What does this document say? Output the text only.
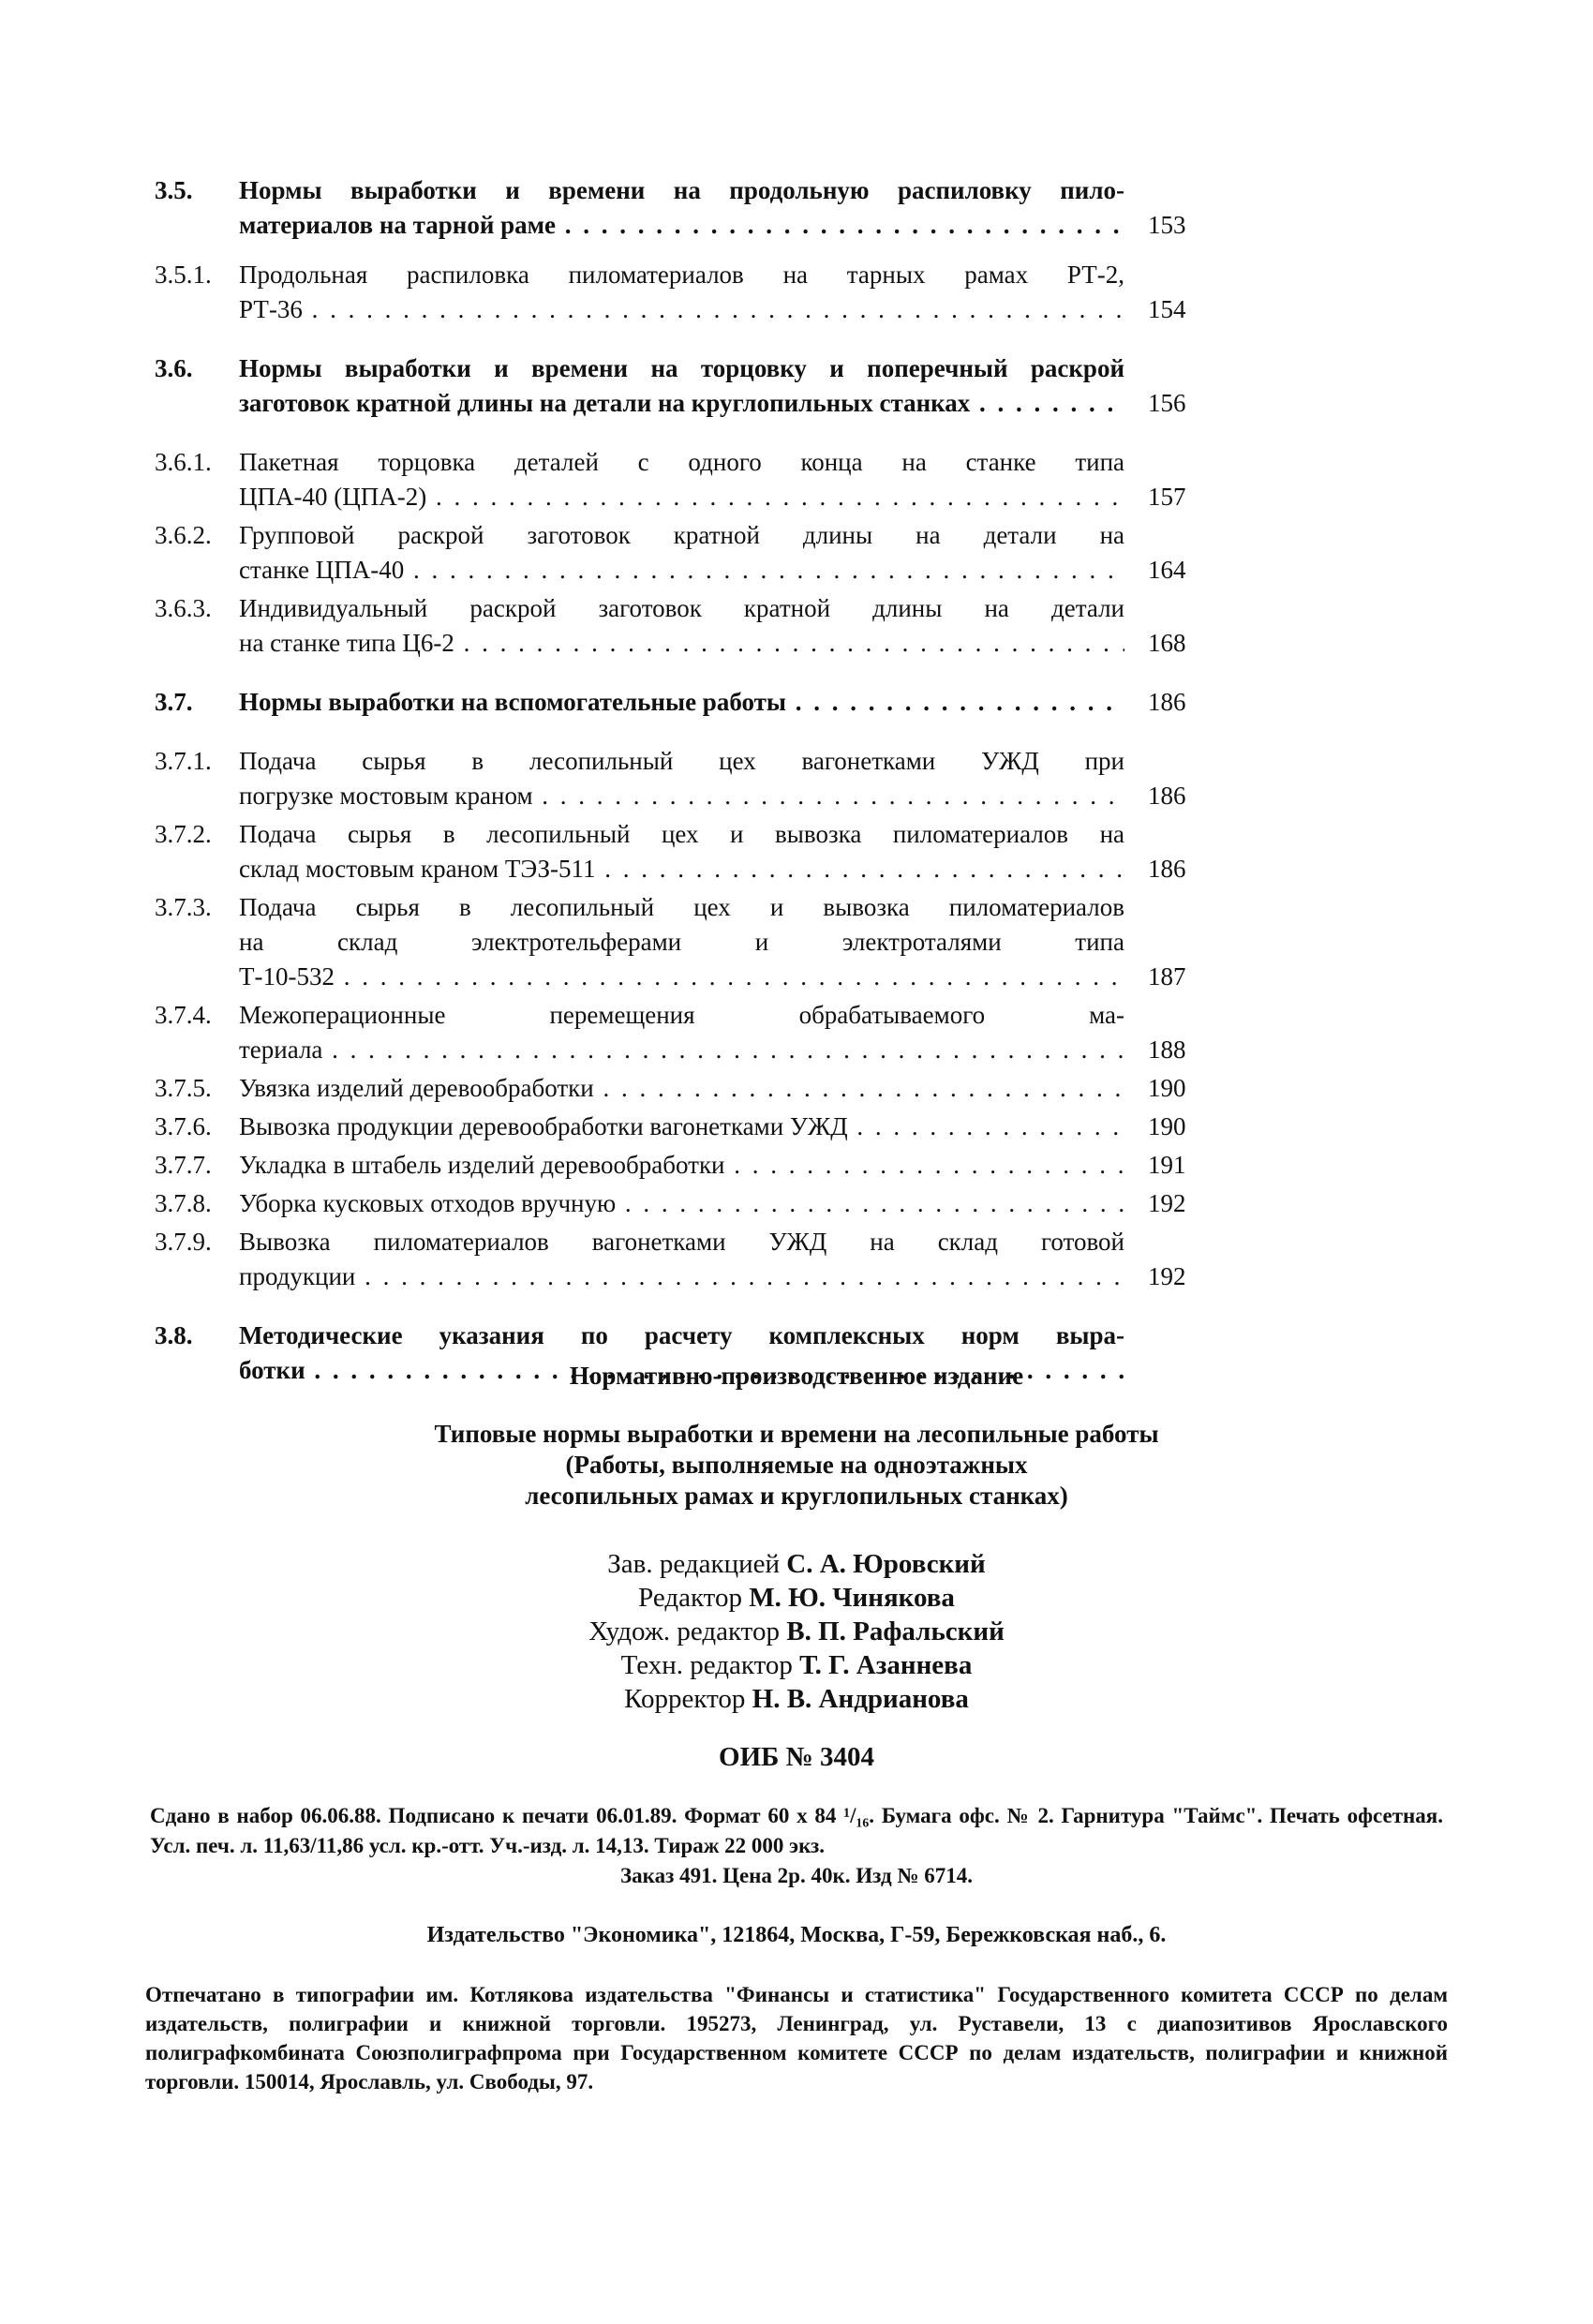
3.5. Нормы выработки и времени на продольную распиловку пило-
материалов на тарной раме . . .	153
3.5.1. Продольная распиловка пиломатериалов на тарных рамах РТ-2,
РТ-36 . . .	154
3.6. Нормы выработки и времени на торцовку и поперечный раскрой
заготовок кратной длины на детали на круглопильных станках . . .	156
3.6.1. Пакетная торцовка деталей с одного конца на станке типа
ЦПА-40 (ЦПА-2) . . .	157
3.6.2. Групповой раскрой заготовок кратной длины на детали на
станке ЦПА-40 . . .	164
3.6.3. Индивидуальный раскрой заготовок кратной длины на детали
на станке типа Ц6-2 . . .	168
3.7. Нормы выработки на вспомогательные работы . . .	186
3.7.1. Подача сырья в лесопильный цех вагонетками УЖД при
погрузке мостовым краном . . .	186
3.7.2. Подача сырья в лесопильный цех и вывозка пиломатериалов на
склад мостовым краном ТЭЗ-511 . . .	186
3.7.3. Подача сырья в лесопильный цех и вывозка пиломатериалов
на склад электротельферами и электроталями типа
Т-10-532 . . .	187
3.7.4. Межоперационные перемещения обрабатываемого ма-
териала . . .	188
3.7.5. Увязка изделий деревообработки . . .	190
3.7.6. Вывозка продукции деревообработки вагонетками УЖД . . .	190
3.7.7. Укладка в штабель изделий деревообработки . . .	191
3.7.8. Уборка кусковых отходов вручную . . .	192
3.7.9. Вывозка пиломатериалов вагонетками УЖД на склад готовой
продукции . . .	192
3.8. Методические указания по расчету комплексных норм выра-
ботки . . .	Нормативно-производственное издание
Типовые нормы выработки и времени на лесопильные работы
(Работы, выполняемые на одноэтажных
лесопильных рамах и круглопильных станках)
Зав. редакцией С. А. Юровский
Редактор М. Ю. Чинякова
Худож. редактор В. П. Рафальский
Техн. редактор Т. Г. Азаннева
Корректор Н. В. Андрианова
ОИБ № 3404
Сдано в набор 06.06.88. Подписано к печати 06.01.89. Формат 60 х 84 ¹/₁₆. Бумага офс. № 2. Гарнитура "Таймс". Печать офсетная. Усл. печ. л. 11,63/11,86 усл. кр.-отт. Уч.-изд. л. 14,13. Тираж 22 000 экз.
Заказ 491. Цена 2р. 40к. Изд № 6714.
Издательство "Экономика", 121864, Москва, Г-59, Бережковская наб., 6.
Отпечатано в типографии им. Котлякова издательства "Финансы и статистика" Государственного комитета СССР по делам издательств, полиграфии и книжной торговли. 195273, Ленинград, ул. Руставели, 13 с диапозитивов Ярославского полиграфкомбината Союзполиграфпрома при Государственном комитете СССР по делам издательств, полиграфии и книжной торговли. 150014, Ярославль, ул. Свободы, 97.
